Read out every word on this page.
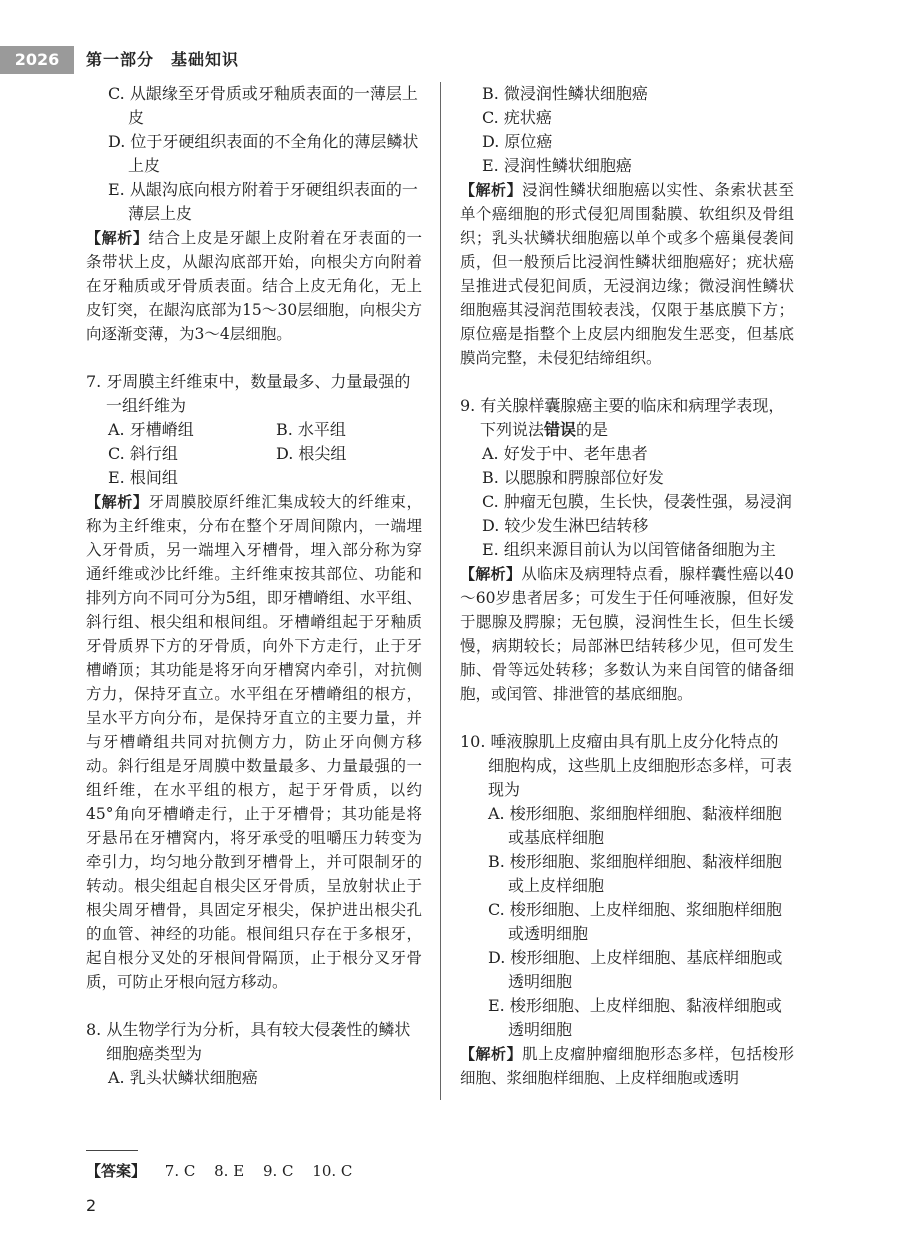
2026	第一部分　基础知识

C. 从龈缘至牙骨质或牙釉质表面的一薄层上皮

D. 位于牙硬组织表面的不全角化的薄层鳞状上皮

E. 从龈沟底向根方附着于牙硬组织表面的一薄层上皮

【解析】结合上皮是牙龈上皮附着在牙表面的一条带状上皮，从龈沟底部开始，向根尖方向附着在牙釉质或牙骨质表面。结合上皮无角化，无上皮钉突，在龈沟底部为15～30层细胞，向根尖方向逐渐变薄，为3～4层细胞。

7. 牙周膜主纤维束中，数量最多、力量最强的一组纤维为

A. 牙槽嵴组	B. 水平组

C. 斜行组	D. 根尖组

E. 根间组

【解析】牙周膜胶原纤维汇集成较大的纤维束，称为主纤维束，分布在整个牙周间隙内，一端埋入牙骨质，另一端埋入牙槽骨，埋入部分称为穿通纤维或沙比纤维。主纤维束按其部位、功能和排列方向不同可分为5组，即牙槽嵴组、水平组、斜行组、根尖组和根间组。牙槽嵴组起于牙釉质牙骨质界下方的牙骨质，向外下方走行，止于牙槽嵴顶；其功能是将牙向牙槽窝内牵引，对抗侧方力，保持牙直立。水平组在牙槽嵴组的根方，呈水平方向分布，是保持牙直立的主要力量，并与牙槽嵴组共同对抗侧方力，防止牙向侧方移动。斜行组是牙周膜中数量最多、力量最强的一组纤维，在水平组的根方，起于牙骨质，以约45°角向牙槽嵴走行，止于牙槽骨；其功能是将牙悬吊在牙槽窝内，将牙承受的咀嚼压力转变为牵引力，均匀地分散到牙槽骨上，并可限制牙的转动。根尖组起自根尖区牙骨质，呈放射状止于根尖周牙槽骨，具固定牙根尖，保护进出根尖孔的血管、神经的功能。根间组只存在于多根牙，起自根分叉处的牙根间骨隔顶，止于根分叉牙骨质，可防止牙根向冠方移动。

8. 从生物学行为分析，具有较大侵袭性的鳞状细胞癌类型为

A. 乳头状鳞状细胞癌

B. 微浸润性鳞状细胞癌

C. 疣状癌

D. 原位癌

E. 浸润性鳞状细胞癌

【解析】浸润性鳞状细胞癌以实性、条索状甚至单个癌细胞的形式侵犯周围黏膜、软组织及骨组织；乳头状鳞状细胞癌以单个或多个癌巢侵袭间质，但一般预后比浸润性鳞状细胞癌好；疣状癌呈推进式侵犯间质，无浸润边缘；微浸润性鳞状细胞癌其浸润范围较表浅，仅限于基底膜下方；原位癌是指整个上皮层内细胞发生恶变，但基底膜尚完整，未侵犯结缔组织。

9. 有关腺样囊腺癌主要的临床和病理学表现，下列说法错误的是

A. 好发于中、老年患者

B. 以腮腺和腭腺部位好发

C. 肿瘤无包膜，生长快，侵袭性强，易浸润

D. 较少发生淋巴结转移

E. 组织来源目前认为以闰管储备细胞为主

【解析】从临床及病理特点看，腺样囊性癌以40～60岁患者居多；可发生于任何唾液腺，但好发于腮腺及腭腺；无包膜，浸润性生长，但生长缓慢，病期较长；局部淋巴结转移少见，但可发生肺、骨等远处转移；多数认为来自闰管的储备细胞，或闰管、排泄管的基底细胞。

10. 唾液腺肌上皮瘤由具有肌上皮分化特点的细胞构成，这些肌上皮细胞形态多样，可表现为

A. 梭形细胞、浆细胞样细胞、黏液样细胞或基底样细胞

B. 梭形细胞、浆细胞样细胞、黏液样细胞或上皮样细胞

C. 梭形细胞、上皮样细胞、浆细胞样细胞或透明细胞

D. 梭形细胞、上皮样细胞、基底样细胞或透明细胞

E. 梭形细胞、上皮样细胞、黏液样细胞或透明细胞

【解析】肌上皮瘤肿瘤细胞形态多样，包括梭形细胞、浆细胞样细胞、上皮样细胞或透明

【答案】 7. C 8. E 9. C 10. C
2
